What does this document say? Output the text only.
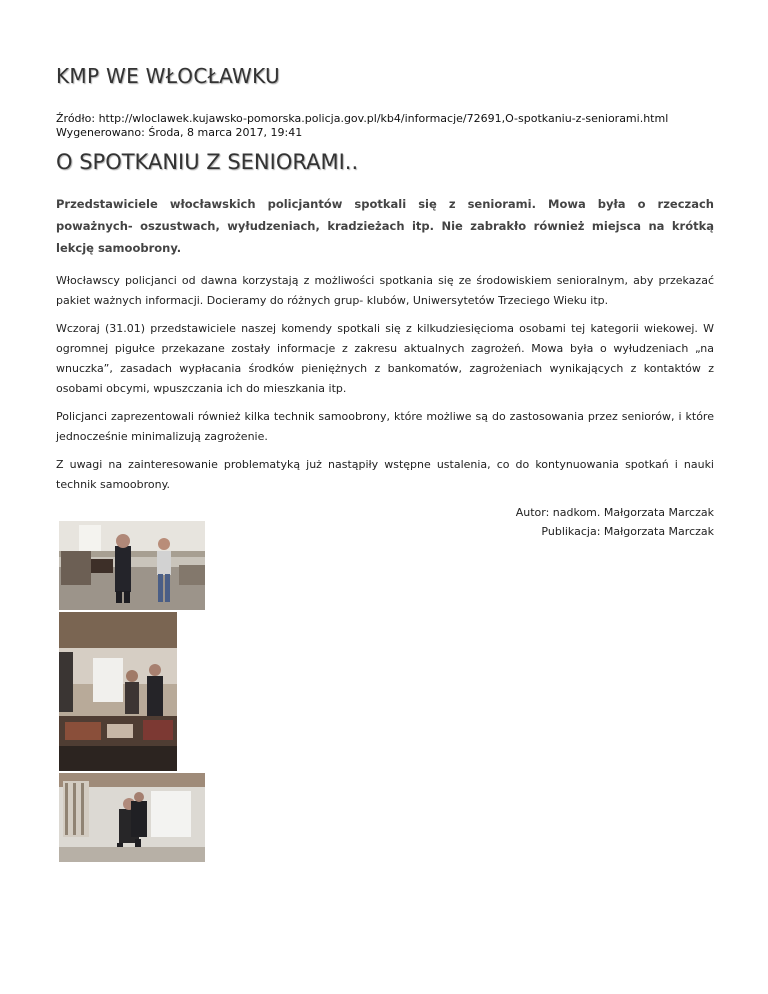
KMP WE WŁOCŁAWKU
Źródło: http://wloclawek.kujawsko-pomorska.policja.gov.pl/kb4/informacje/72691,O-spotkaniu-z-seniorami.html
Wygenerowano: Środa, 8 marca 2017, 19:41
O SPOTKANIU Z SENIORAMI..

Przedstawiciele włocławskich policjantów spotkali się z seniorami. Mowa była o rzeczach poważnych- oszustwach, wyłudzeniach, kradzieżach itp. Nie zabrakło również miejsca na krótką lekcję samoobrony.

Włocławscy policjanci od dawna korzystają z możliwości spotkania się ze środowiskiem senioralnym, aby przekazać pakiet ważnych informacji. Docieramy do różnych grup- klubów, Uniwersytetów Trzeciego Wieku itp.

Wczoraj (31.01) przedstawiciele naszej komendy spotkali się z kilkudziesięcioma osobami tej kategorii wiekowej. W ogromnej pigułce przekazane zostały informacje z zakresu aktualnych zagrożeń. Mowa była o wyłudzeniach „na wnuczka”, zasadach wypłacania środków pieniężnych z bankomatów, zagrożeniach wynikających z kontaktów z osobami obcymi, wpuszczania ich do mieszkania itp.

Policjanci zaprezentowali również kilka technik samoobrony, które możliwe są do zastosowania przez seniorów, i które jednocześnie minimalizują zagrożenie.

Z uwagi na zainteresowanie problematyką już nastąpiły wstępne ustalenia, co do kontynuowania spotkań i nauki technik samoobrony.

Autor: nadkom. Małgorzata Marczak
Publikacja: Małgorzata Marczak
